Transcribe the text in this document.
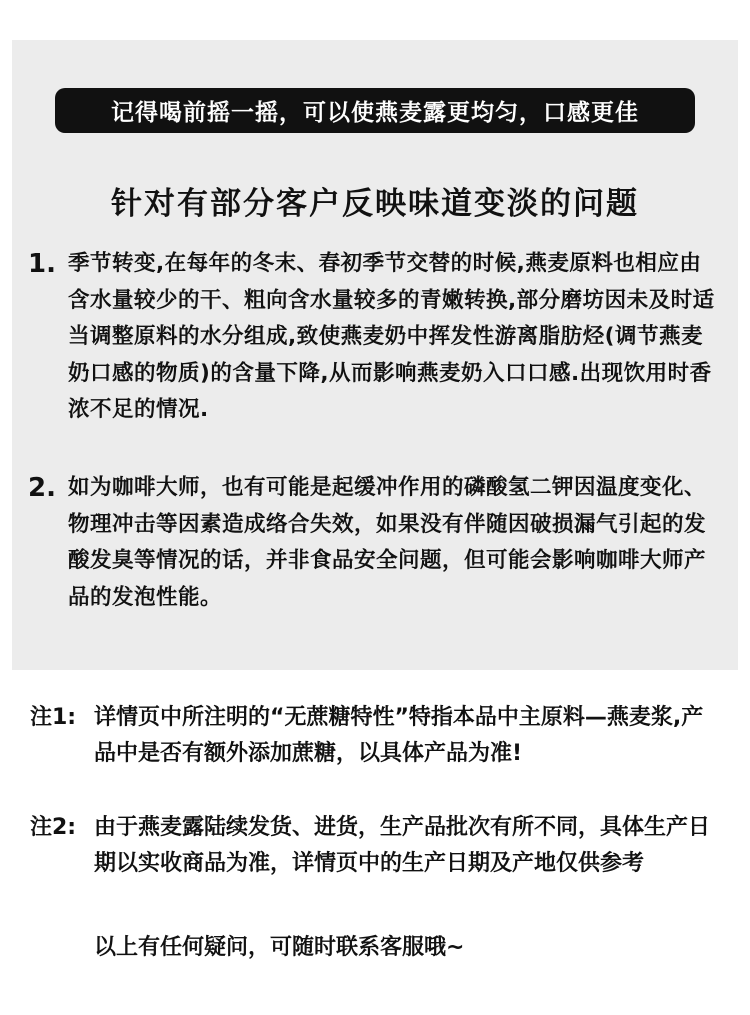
记得喝前摇一摇，可以使燕麦露更均匀，口感更佳
针对有部分客户反映味道变淡的问题
1. 季节转变,在每年的冬末、春初季节交替的时候,燕麦原料也相应由含水量较少的干、粗向含水量较多的青嫩转换,部分磨坊因未及时适当调整原料的水分组成,致使燕麦奶中挥发性游离脂肪烃(调节燕麦奶口感的物质)的含量下降,从而影响燕麦奶入口口感.出现饮用时香浓不足的情况.
2. 如为咖啡大师，也有可能是起缓冲作用的磷酸氢二钾因温度变化、物理冲击等因素造成络合失效，如果没有伴随因破损漏气引起的发酸发臭等情况的话，并非食品安全问题，但可能会影响咖啡大师产品的发泡性能。
注1: 详情页中所注明的“无蔗糖特性”特指本品中主原料—燕麦浆,产品中是否有额外添加蔗糖，以具体产品为准!
注2: 由于燕麦露陆续发货、进货，生产品批次有所不同，具体生产日期以实收商品为准，详情页中的生产日期及产地仅供参考
以上有任何疑问，可随时联系客服哦~
